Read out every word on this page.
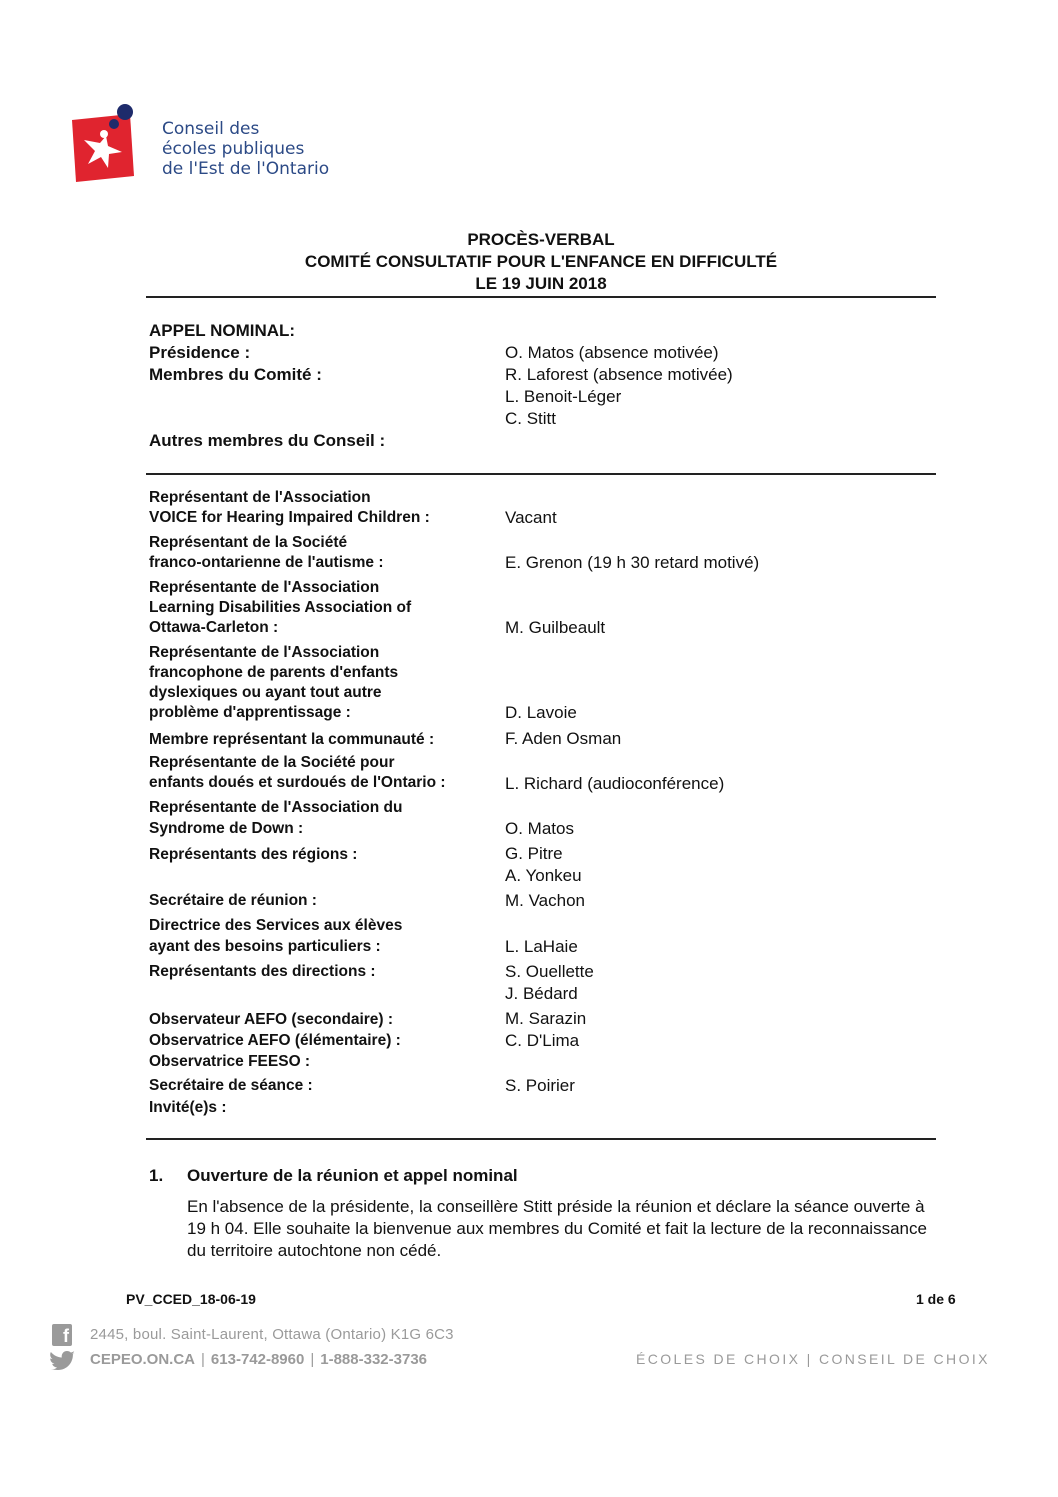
Conseil des
écoles publiques
de l'Est de l'Ontario
PROCÈS-VERBAL
COMITÉ CONSULTATIF POUR L'ENFANCE EN DIFFICULTÉ
LE 19 JUIN 2018
APPEL NOMINAL:
Présidence :	O. Matos (absence motivée)
Membres du Comité :	R. Laforest (absence motivée)
L. Benoit-Léger
C. Stitt
Autres membres du Conseil :
Représentant de l'Association
VOICE for Hearing Impaired Children :	Vacant
Représentant de la Société
franco-ontarienne de l'autisme :	E. Grenon (19 h 30 retard motivé)
Représentante de l'Association
Learning Disabilities Association of
Ottawa-Carleton :	M. Guilbeault
Représentante de l'Association
francophone de parents d'enfants
dyslexiques ou ayant tout autre
problème d'apprentissage :	D. Lavoie
Membre représentant la communauté :	F. Aden Osman
Représentante de la Société pour
enfants doués et surdoués de l'Ontario :	L. Richard (audioconférence)
Représentante de l'Association du
Syndrome de Down :	O. Matos
Représentants des régions :	G. Pitre
A. Yonkeu
Secrétaire de réunion :	M. Vachon
Directrice des Services aux élèves
ayant des besoins particuliers :	L. LaHaie
Représentants des directions :	S. Ouellette
J. Bédard
Observateur AEFO (secondaire) :	M. Sarazin
Observatrice AEFO (élémentaire) :	C. D'Lima
Observatrice FEESO :
Secrétaire de séance :	S. Poirier
Invité(e)s :
1. Ouverture de la réunion et appel nominal
En l'absence de la présidente, la conseillère Stitt préside la réunion et déclare la séance ouverte à 19 h 04. Elle souhaite la bienvenue aux membres du Comité et fait la lecture de la reconnaissance du territoire autochtone non cédé.
PV_CCED_18-06-19	1 de 6
f 2445, boul. Saint-Laurent, Ottawa (Ontario) K1G 6C3
CEPEO.ON.CA | 613-742-8960 | 1-888-332-3736	ÉCOLES DE CHOIX | CONSEIL DE CHOIX
